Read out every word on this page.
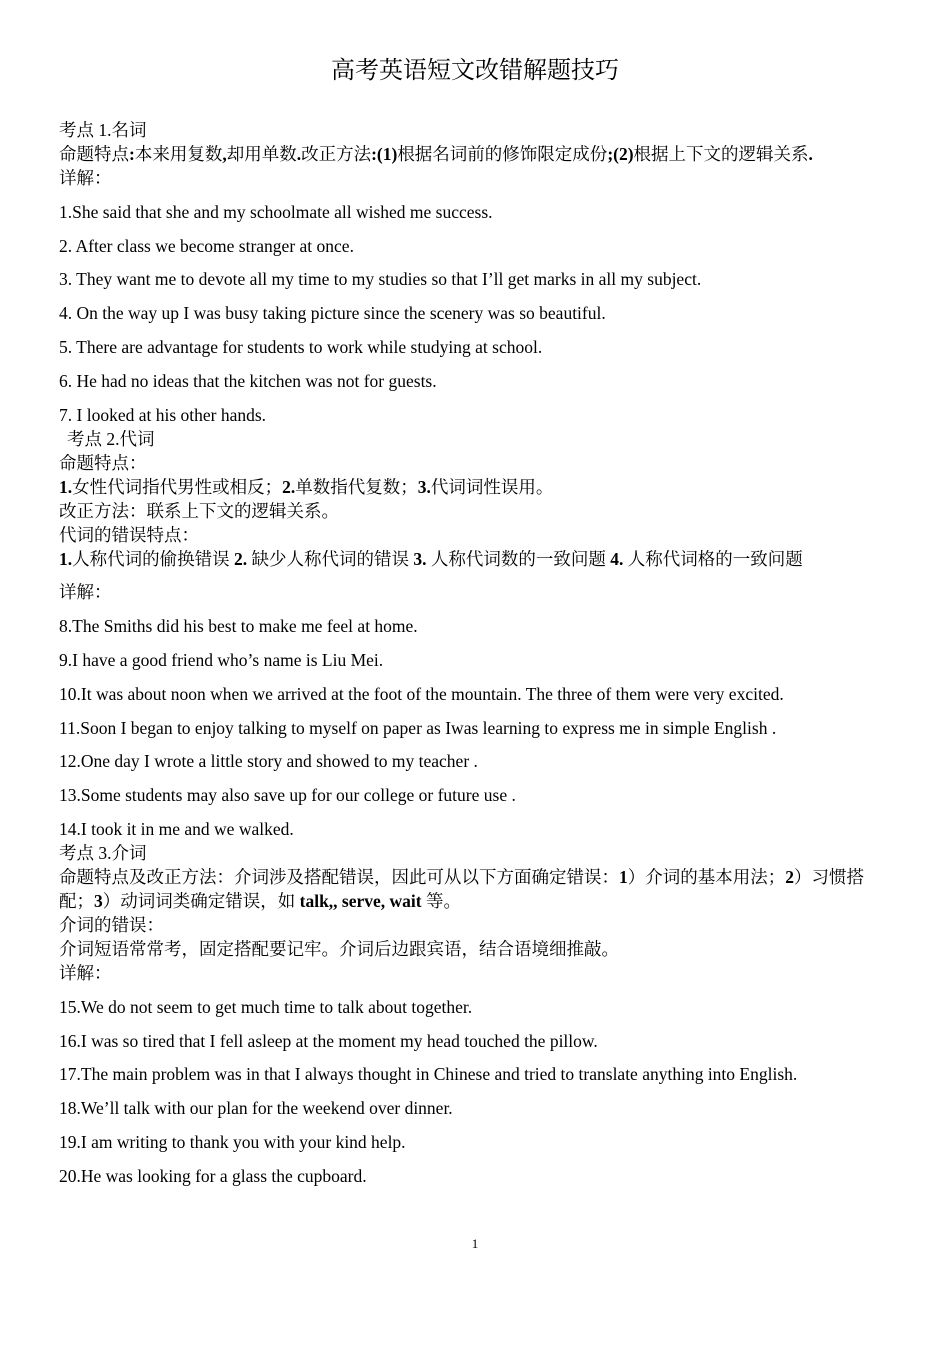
高考英语短文改错解题技巧

考点 1.名词

命题特点:本来用复数,却用单数.改正方法:(1)根据名词前的修饰限定成份;(2)根据上下文的逻辑关系.

详解：

1.She said that she and my schoolmate all wished me success.

2. After class we become stranger at once.

3. They want me to devote all my time to my studies so that I’ll get marks in all my subject.

4. On the way up I was busy taking picture since the scenery was so beautiful.

5. There are advantage for students to work while studying at school.

6. He had no ideas that the kitchen was not for guests.

7. I looked at his other hands.

考点 2.代词

命题特点：

1.女性代词指代男性或相反；2.单数指代复数；3.代词词性误用。

改正方法：联系上下文的逻辑关系。

代词的错误特点：

1.人称代词的偷换错误 2. 缺少人称代词的错误 3. 人称代词数的一致问题 4. 人称代词格的一致问题

详解：

8.The Smiths did his best to make me feel at home.

9.I have a good friend who’s name is Liu Mei.

10.It was about noon when we arrived at the foot of the mountain. The three of them were very excited.

11.Soon I began to enjoy talking to myself on paper as Iwas learning to express me in simple English .

12.One day I wrote a little story and showed to my teacher .

13.Some students may also save up for our college or future use .

14.I took it in me and we walked.

考点 3.介词

命题特点及改正方法：介词涉及搭配错误，因此可从以下方面确定错误：1）介词的基本用法；2）习惯搭配；3）动词词类确定错误，如 talk,, serve, wait 等。

介词的错误：

介词短语常常考，固定搭配要记牢。介词后边跟宾语，结合语境细推敲。

详解：

15.We do not seem to get much time to talk about together.

16.I was so tired that I fell asleep at the moment my head touched the pillow.

17.The main problem was in that I always thought in Chinese and tried to translate anything into English.

18.We’ll talk with our plan for the weekend over dinner.

19.I am writing to thank you with your kind help.

20.He was looking for a glass the cupboard.

1
